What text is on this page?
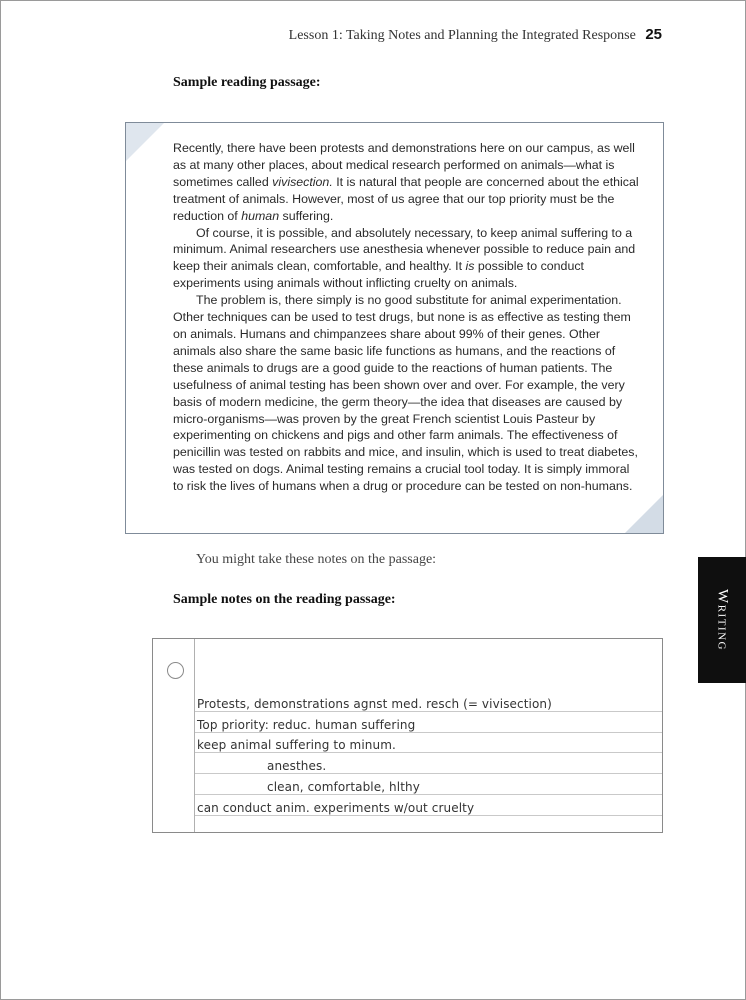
Lesson 1: Taking Notes and Planning the Integrated Response 25
Sample reading passage:

Recently, there have been protests and demonstrations here on our campus, as well as at many other places, about medical research performed on animals—what is sometimes called vivisection. It is natural that people are concerned about the ethical treatment of animals. However, most of us agree that our top priority must be the reduction of human suffering.

Of course, it is possible, and absolutely necessary, to keep animal suffering to a minimum. Animal researchers use anesthesia whenever possible to reduce pain and keep their animals clean, comfortable, and healthy. It is possible to conduct experiments using animals without inflicting cruelty on animals.

The problem is, there simply is no good substitute for animal experimentation. Other techniques can be used to test drugs, but none is as effective as testing them on animals. Humans and chimpanzees share about 99% of their genes. Other animals also share the same basic life functions as humans, and the reactions of these animals to drugs are a good guide to the reactions of human patients. The usefulness of animal testing has been shown over and over. For example, the very basis of modern medicine, the germ theory—the idea that diseases are caused by micro-organisms—was proven by the great French scientist Louis Pasteur by experimenting on chickens and pigs and other farm animals. The effectiveness of penicillin was tested on rabbits and mice, and insulin, which is used to treat diabetes, was tested on dogs. Animal testing remains a crucial tool today. It is simply immoral to risk the lives of humans when a drug or procedure can be tested on non-humans.

You might take these notes on the passage:
Sample notes on the reading passage:
Protests, demonstrations agnst med. resch (= vivisection)
Top priority: reduc. human suffering
keep animal suffering to minum.
anesthes.
clean, comfortable, hlthy
can conduct anim. experiments w/out cruelty
Writing
